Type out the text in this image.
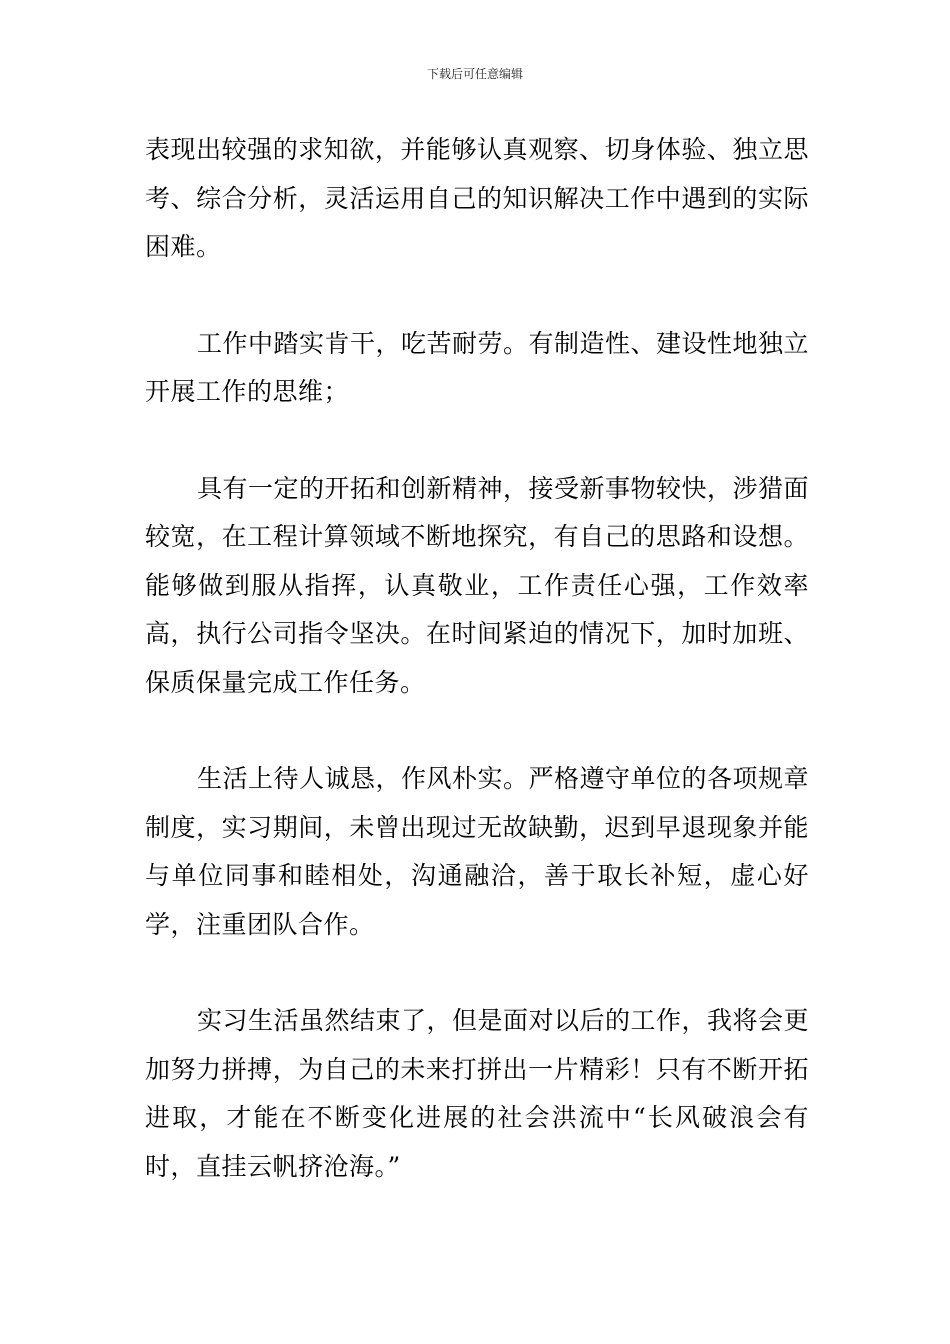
下载后可任意编辑

表现出较强的求知欲，并能够认真观察、切身体验、独立思考、综合分析，灵活运用自己的知识解决工作中遇到的实际困难。

工作中踏实肯干，吃苦耐劳。有制造性、建设性地独立开展工作的思维；

具有一定的开拓和创新精神，接受新事物较快，涉猎面较宽，在工程计算领域不断地探究，有自己的思路和设想。能够做到服从指挥，认真敬业，工作责任心强，工作效率高，执行公司指令坚决。在时间紧迫的情况下，加时加班、保质保量完成工作任务。

生活上待人诚恳，作风朴实。严格遵守单位的各项规章制度，实习期间，未曾出现过无故缺勤，迟到早退现象并能与单位同事和睦相处，沟通融洽，善于取长补短，虚心好学，注重团队合作。

实习生活虽然结束了，但是面对以后的工作，我将会更加努力拼搏，为自己的未来打拼出一片精彩！只有不断开拓进取，才能在不断变化进展的社会洪流中“长风破浪会有时，直挂云帆挤沧海。”
